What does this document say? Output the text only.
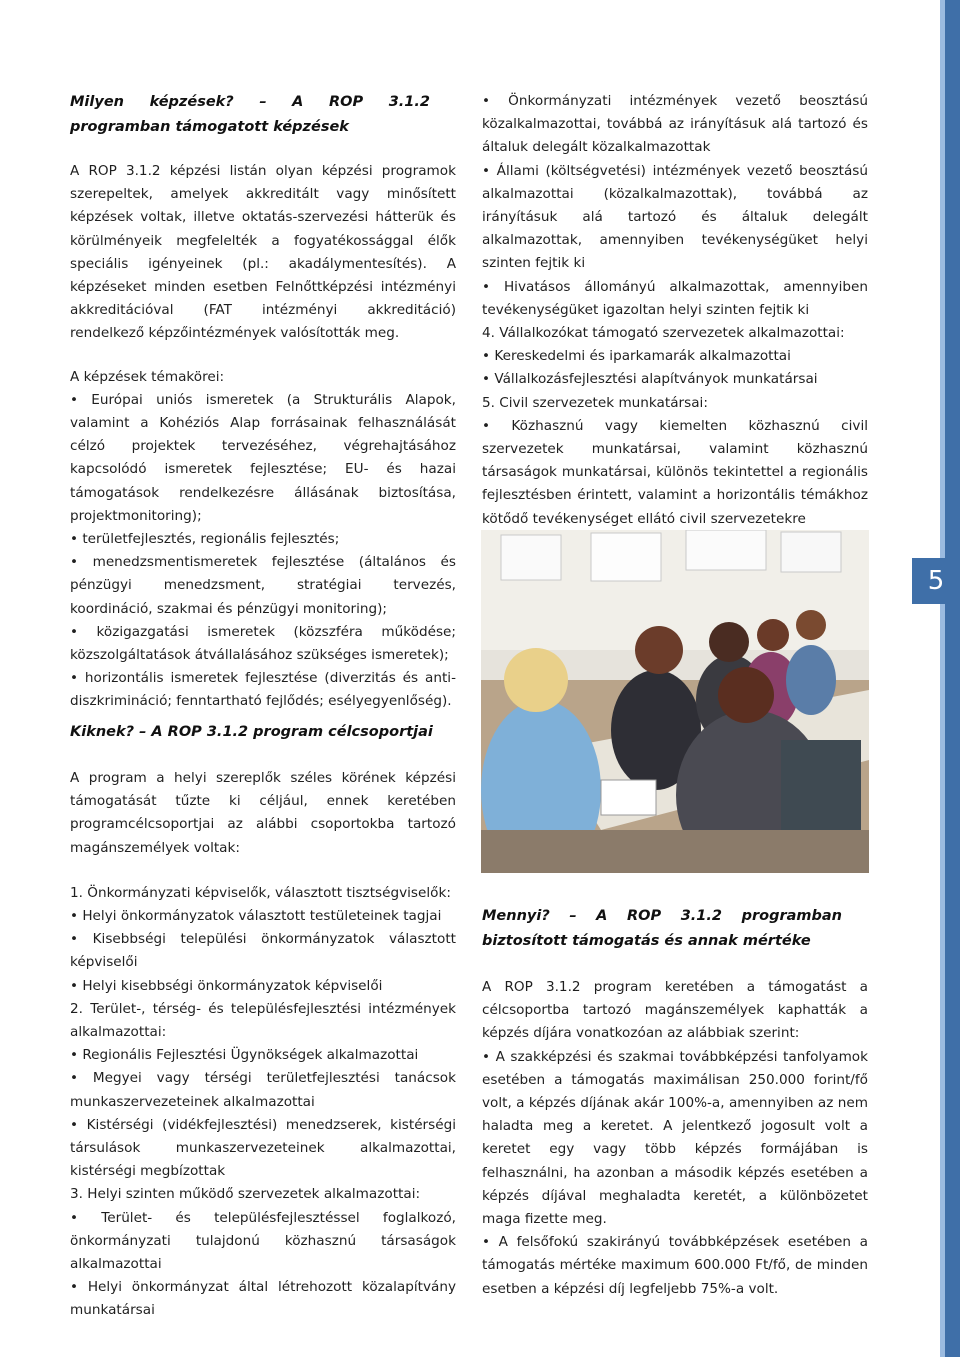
5

Milyen képzések? – A ROP 3.1.2 programban támogatott képzések

A ROP 3.1.2 képzési listán olyan képzési programok szerepeltek, amelyek akkreditált vagy minősített képzések voltak, illetve oktatás-szervezési hátterük és körülményeik megfelelték a fogyatékossággal élők speciális igényeinek (pl.: akadálymentesítés). A képzéseket minden esetben Felnőttképzési intézményi akkreditációval (FAT intézményi akkreditáció) rendelkező képzőintézmények valósították meg.

A képzések témakörei:

• Európai uniós ismeretek (a Strukturális Alapok, valamint a Kohéziós Alap forrásainak felhasználását célzó projektek tervezéséhez, végrehajtásához kapcsolódó ismeretek fejlesztése; EU- és hazai támogatások rendelkezésre állásának biztosítása, projektmonitoring);

• területfejlesztés, regionális fejlesztés;

• menedzsmentismeretek fejlesztése (általános és pénzügyi menedzsment, stratégiai tervezés, koordináció, szakmai és pénzügyi monitoring);

• közigazgatási ismeretek (közszféra működése; közszolgáltatások átvállalásához szükséges ismeretek);

• horizontális ismeretek fejlesztése (diverzitás és anti-diszkrimináció; fenntartható fejlődés; esélyegyenlőség).

Kiknek? – A ROP 3.1.2 program célcsoportjai

A program a helyi szereplők széles körének képzési támogatását tűzte ki céljául, ennek keretében programcélcsoportjai az alábbi csoportokba tartozó magánszemélyek voltak:

1. Önkormányzati képviselők, választott tisztségviselők:

• Helyi önkormányzatok választott testületeinek tagjai

• Kisebbségi települési önkormányzatok választott képviselői

• Helyi kisebbségi önkormányzatok képviselői

2. Terület-, térség- és településfejlesztési intézmények alkalmazottai:

• Regionális Fejlesztési Ügynökségek alkalmazottai

• Megyei vagy térségi területfejlesztési tanácsok munkaszervezeteinek alkalmazottai

• Kistérségi (vidékfejlesztési) menedzserek, kistérségi társulások munkaszervezeteinek alkalmazottai, kistérségi megbízottak

3. Helyi szinten működő szervezetek alkalmazottai:

• Terület- és településfejlesztéssel foglalkozó, önkormányzati tulajdonú közhasznú társaságok alkalmazottai

• Helyi önkormányzat által létrehozott közalapítvány munkatársai

• Önkormányzati intézmények vezető beosztású közalkalmazottai, továbbá az irányításuk alá tartozó és általuk delegált közalkalmazottak

• Állami (költségvetési) intézmények vezető beosztású alkalmazottai (közalkalmazottak), továbbá az irányításuk alá tartozó és általuk delegált alkalmazottak, amennyiben tevékenységüket helyi szinten fejtik ki

• Hivatásos állományú alkalmazottak, amennyiben tevékenységüket igazoltan helyi szinten fejtik ki

4. Vállalkozókat támogató szervezetek alkalmazottai:

• Kereskedelmi és iparkamarák alkalmazottai

• Vállalkozásfejlesztési alapítványok munkatársai

5. Civil szervezetek munkatársai:

• Közhasznú vagy kiemelten közhasznú civil szervezetek munkatársai, valamint közhasznú társaságok munkatársai, különös tekintettel a regionális fejlesztésben érintett, valamint a horizontális témákhoz kötődő tevékenységet ellátó civil szervezetekre

Mennyi? – A ROP 3.1.2 programban biztosított támogatás és annak mértéke

A ROP 3.1.2 program keretében a támogatást a célcsoportba tartozó magánszemélyek kaphatták a képzés díjára vonatkozóan az alábbiak szerint:

• A szakképzési és szakmai továbbképzési tanfolyamok esetében a támogatás maximálisan 250.000 forint/fő volt, a képzés díjának akár 100%-a, amennyiben az nem haladta meg a keretet. A jelentkező jogosult volt a keretet egy vagy több képzés formájában is felhasználni, ha azonban a második képzés esetében a képzés díjával meghaladta keretét, a különbözetet maga fizette meg.

• A felsőfokú szakirányú továbbképzések esetében a támogatás mértéke maximum 600.000 Ft/fő, de minden esetben a képzési díj legfeljebb 75%-a volt.
